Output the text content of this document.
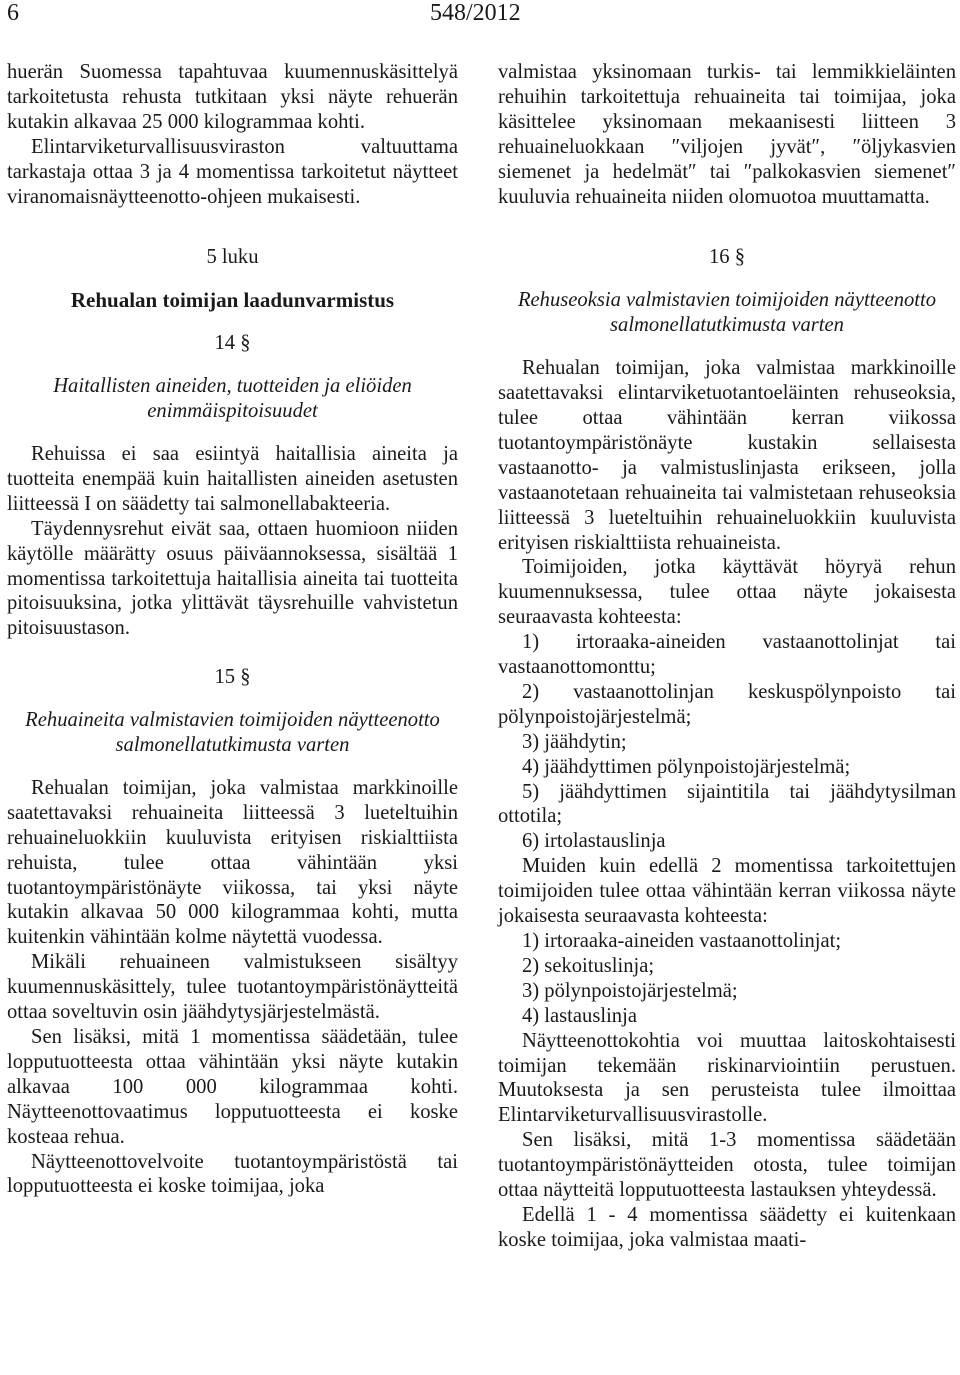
6	548/2012

huerän Suomessa tapahtuvaa kuumennuskäsittelyä tarkoitetusta rehusta tutkitaan yksi näyte rehuerän kutakin alkavaa 25 000 kilogrammaa kohti.

Elintarviketurvallisuusviraston valtuuttama tarkastaja ottaa 3 ja 4 momentissa tarkoitetut näytteet viranomaisnäytteenotto-ohjeen mukaisesti.

5 luku
Rehualan toimijan laadunvarmistus
14 §
Haitallisten aineiden, tuotteiden ja eliöiden enimmäispitoisuudet

Rehuissa ei saa esiintyä haitallisia aineita ja tuotteita enempää kuin haitallisten aineiden asetusten liitteessä I on säädetty tai salmonellabakteeria.

Täydennysrehut eivät saa, ottaen huomioon niiden käytölle määrätty osuus päiväannoksessa, sisältää 1 momentissa tarkoitettuja haitallisia aineita tai tuotteita pitoisuuksina, jotka ylittävät täysrehuille vahvistetun pitoisuustason.

15 §
Rehuaineita valmistavien toimijoiden näytteenotto salmonellatutkimusta varten

Rehualan toimijan, joka valmistaa markkinoille saatettavaksi rehuaineita liitteessä 3 lueteltuihin rehuaineluokkiin kuuluvista erityisen riskialttiista rehuista, tulee ottaa vähintään yksi tuotantoympäristönäyte viikossa, tai yksi näyte kutakin alkavaa 50 000 kilogrammaa kohti, mutta kuitenkin vähintään kolme näytettä vuodessa.

Mikäli rehuaineen valmistukseen sisältyy kuumennuskäsittely, tulee tuotantoympäristönäytteitä ottaa soveltuvin osin jäähdytysjärjestelmästä.

Sen lisäksi, mitä 1 momentissa säädetään, tulee lopputuotteesta ottaa vähintään yksi näyte kutakin alkavaa 100 000 kilogrammaa kohti. Näytteenottovaatimus lopputuotteesta ei koske kosteaa rehua.

Näytteenottovelvoite tuotantoympäristöstä tai lopputuotteesta ei koske toimijaa, joka

valmistaa yksinomaan turkis- tai lemmikkieläinten rehuihin tarkoitettuja rehuaineita tai toimijaa, joka käsittelee yksinomaan mekaanisesti liitteen 3 rehuaineluokkaan ″viljojen jyvät″, ″öljykasvien siemenet ja hedelmät″ tai ″palkokasvien siemenet″ kuuluvia rehuaineita niiden olomuotoa muuttamatta.

16 §
Rehuseoksia valmistavien toimijoiden näytteenotto salmonellatutkimusta varten

Rehualan toimijan, joka valmistaa markkinoille saatettavaksi elintarviketuotantoeläinten rehuseoksia, tulee ottaa vähintään kerran viikossa tuotantoympäristönäyte kustakin sellaisesta vastaanotto- ja valmistuslinjasta erikseen, jolla vastaanotetaan rehuaineita tai valmistetaan rehuseoksia liitteessä 3 lueteltuihin rehuaineluokkiin kuuluvista erityisen riskialttiista rehuaineista.

Toimijoiden, jotka käyttävät höyryä rehun kuumennuksessa, tulee ottaa näyte jokaisesta seuraavasta kohteesta:

1) irtoraaka-aineiden vastaanottolinjat tai vastaanottomonttu;

2) vastaanottolinjan keskuspölynpoisto tai pölynpoistojärjestelmä;

3) jäähdytin;

4) jäähdyttimen pölynpoistojärjestelmä;

5) jäähdyttimen sijaintitila tai jäähdytysilman ottotila;

6) irtolastauslinja

Muiden kuin edellä 2 momentissa tarkoitettujen toimijoiden tulee ottaa vähintään kerran viikossa näyte jokaisesta seuraavasta kohteesta:

1) irtoraaka-aineiden vastaanottolinjat;

2) sekoituslinja;

3) pölynpoistojärjestelmä;

4) lastauslinja

Näytteenottokohtia voi muuttaa laitoskohtaisesti toimijan tekemään riskinarviointiin perustuen. Muutoksesta ja sen perusteista tulee ilmoittaa Elintarviketurvallisuusvirastolle.

Sen lisäksi, mitä 1-3 momentissa säädetään tuotantoympäristönäytteiden otosta, tulee toimijan ottaa näytteitä lopputuotteesta lastauksen yhteydessä.

Edellä 1 - 4 momentissa säädetty ei kuitenkaan koske toimijaa, joka valmistaa maati-
